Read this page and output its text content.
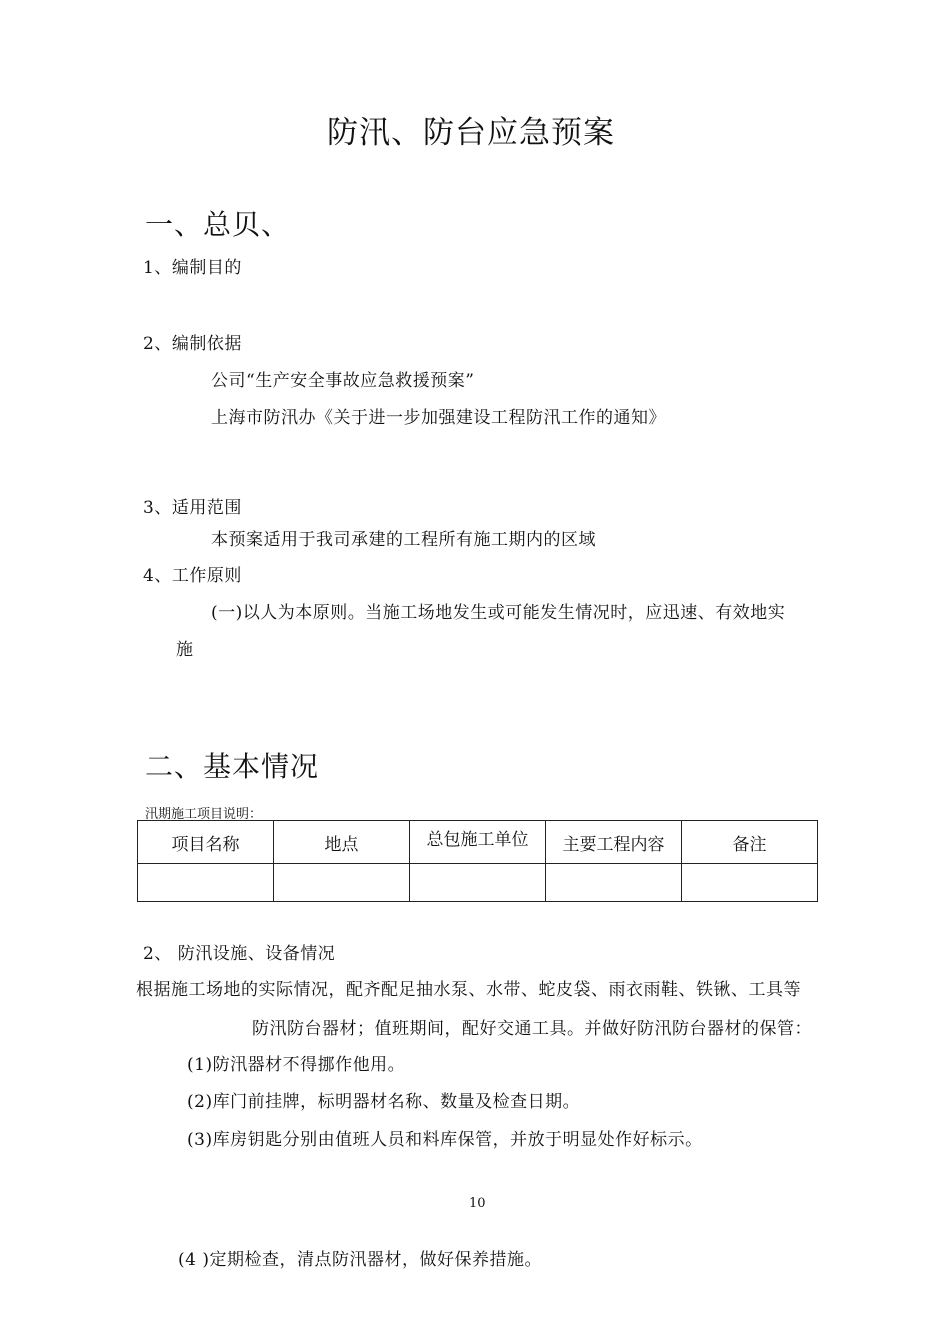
防汛、防台应急预案
一、总贝、
1、编制目的
2、编制依据
公司“生产安全事故应急救援预案”
上海市防汛办《关于进一步加强建设工程防汛工作的通知》
3、适用范围
本预案适用于我司承建的工程所有施工期内的区域
4、工作原则
(一)以人为本原则。当施工场地发生或可能发生情况时，应迅速、有效地实
施
二、基本情况
汛期施工项目说明：
项目名称	地点	总包施工单位	主要工程内容	备注

2、 防汛设施、设备情况
根据施工场地的实际情况，配齐配足抽水泵、水带、蛇皮袋、雨衣雨鞋、铁锹、工具等
防汛防台器材；值班期间，配好交通工具。并做好防汛防台器材的保管：
(1)防汛器材不得挪作他用。
(2)库门前挂牌，标明器材名称、数量及检查日期。
(3)库房钥匙分别由值班人员和料库保管，并放于明显处作好标示。
10
(4 )定期检查，清点防汛器材，做好保养措施。
